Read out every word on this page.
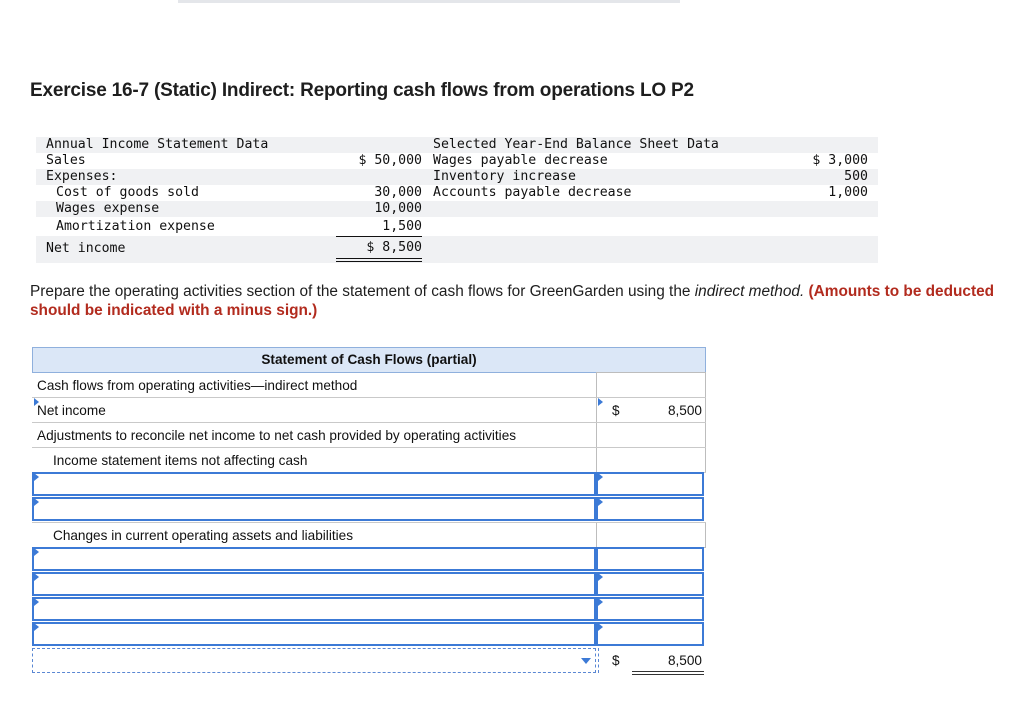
Exercise 16-7 (Static) Indirect: Reporting cash flows from operations LO P2
Annual Income Statement Data
Sales	$ 50,000
Expenses:
Cost of goods sold	30,000
Wages expense	10,000
Amortization expense	1,500
Net income	$ 8,500
Selected Year-End Balance Sheet Data
Wages payable decrease	$ 3,000
Inventory increase	500
Accounts payable decrease	1,000
Prepare the operating activities section of the statement of cash flows for GreenGarden using the indirect method. (Amounts to be deducted should be indicated with a minus sign.)
Statement of Cash Flows (partial)
Cash flows from operating activities—indirect method
Net income	$	8,500
Adjustments to reconcile net income to net cash provided by operating activities
Income statement items not affecting cash
Changes in current operating assets and liabilities
$	8,500
